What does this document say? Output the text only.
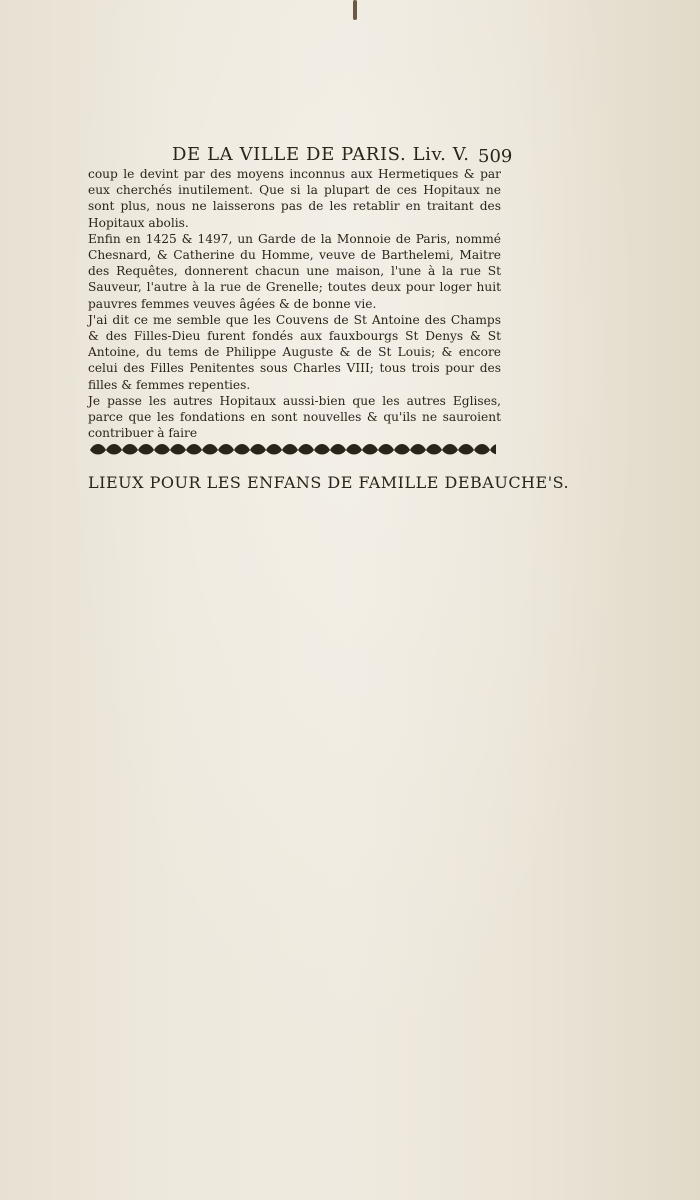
DE LA VILLE DE PARIS. Liv. V. 509

coup le devint par des moyens inconnus aux Hermetiques & par eux cherchés inutilement. Que si la plupart de ces Hopitaux ne sont plus, nous ne laisserons pas de les retablir en traitant des Hopitaux abolis.

Enfin en 1425 & 1497, un Garde de la Monnoie de Paris, nommé Chesnard, & Catherine du Homme, veuve de Barthelemi, Maitre des Requêtes, donnerent chacun une maison, l'une à la rue St Sauveur, l'autre à la rue de Grenelle; toutes deux pour loger huit pauvres femmes veuves âgées & de bonne vie.

J'ai dit ce me semble que les Couvens de St Antoine des Champs & des Filles-Dieu furent fondés aux fauxbourgs St Denys & St Antoine, du tems de Philippe Auguste & de St Louis; & encore celui des Filles Penitentes sous Charles VIII; tous trois pour des filles & femmes repenties.

Je passe les autres Hopitaux aussi-bien que les autres Eglises, parce que les fondations en sont nouvelles & qu'ils ne sauroient contribuer à faire

LIEUX POUR LES ENFANS DE FAMILLE DEBAUCHE'S.
